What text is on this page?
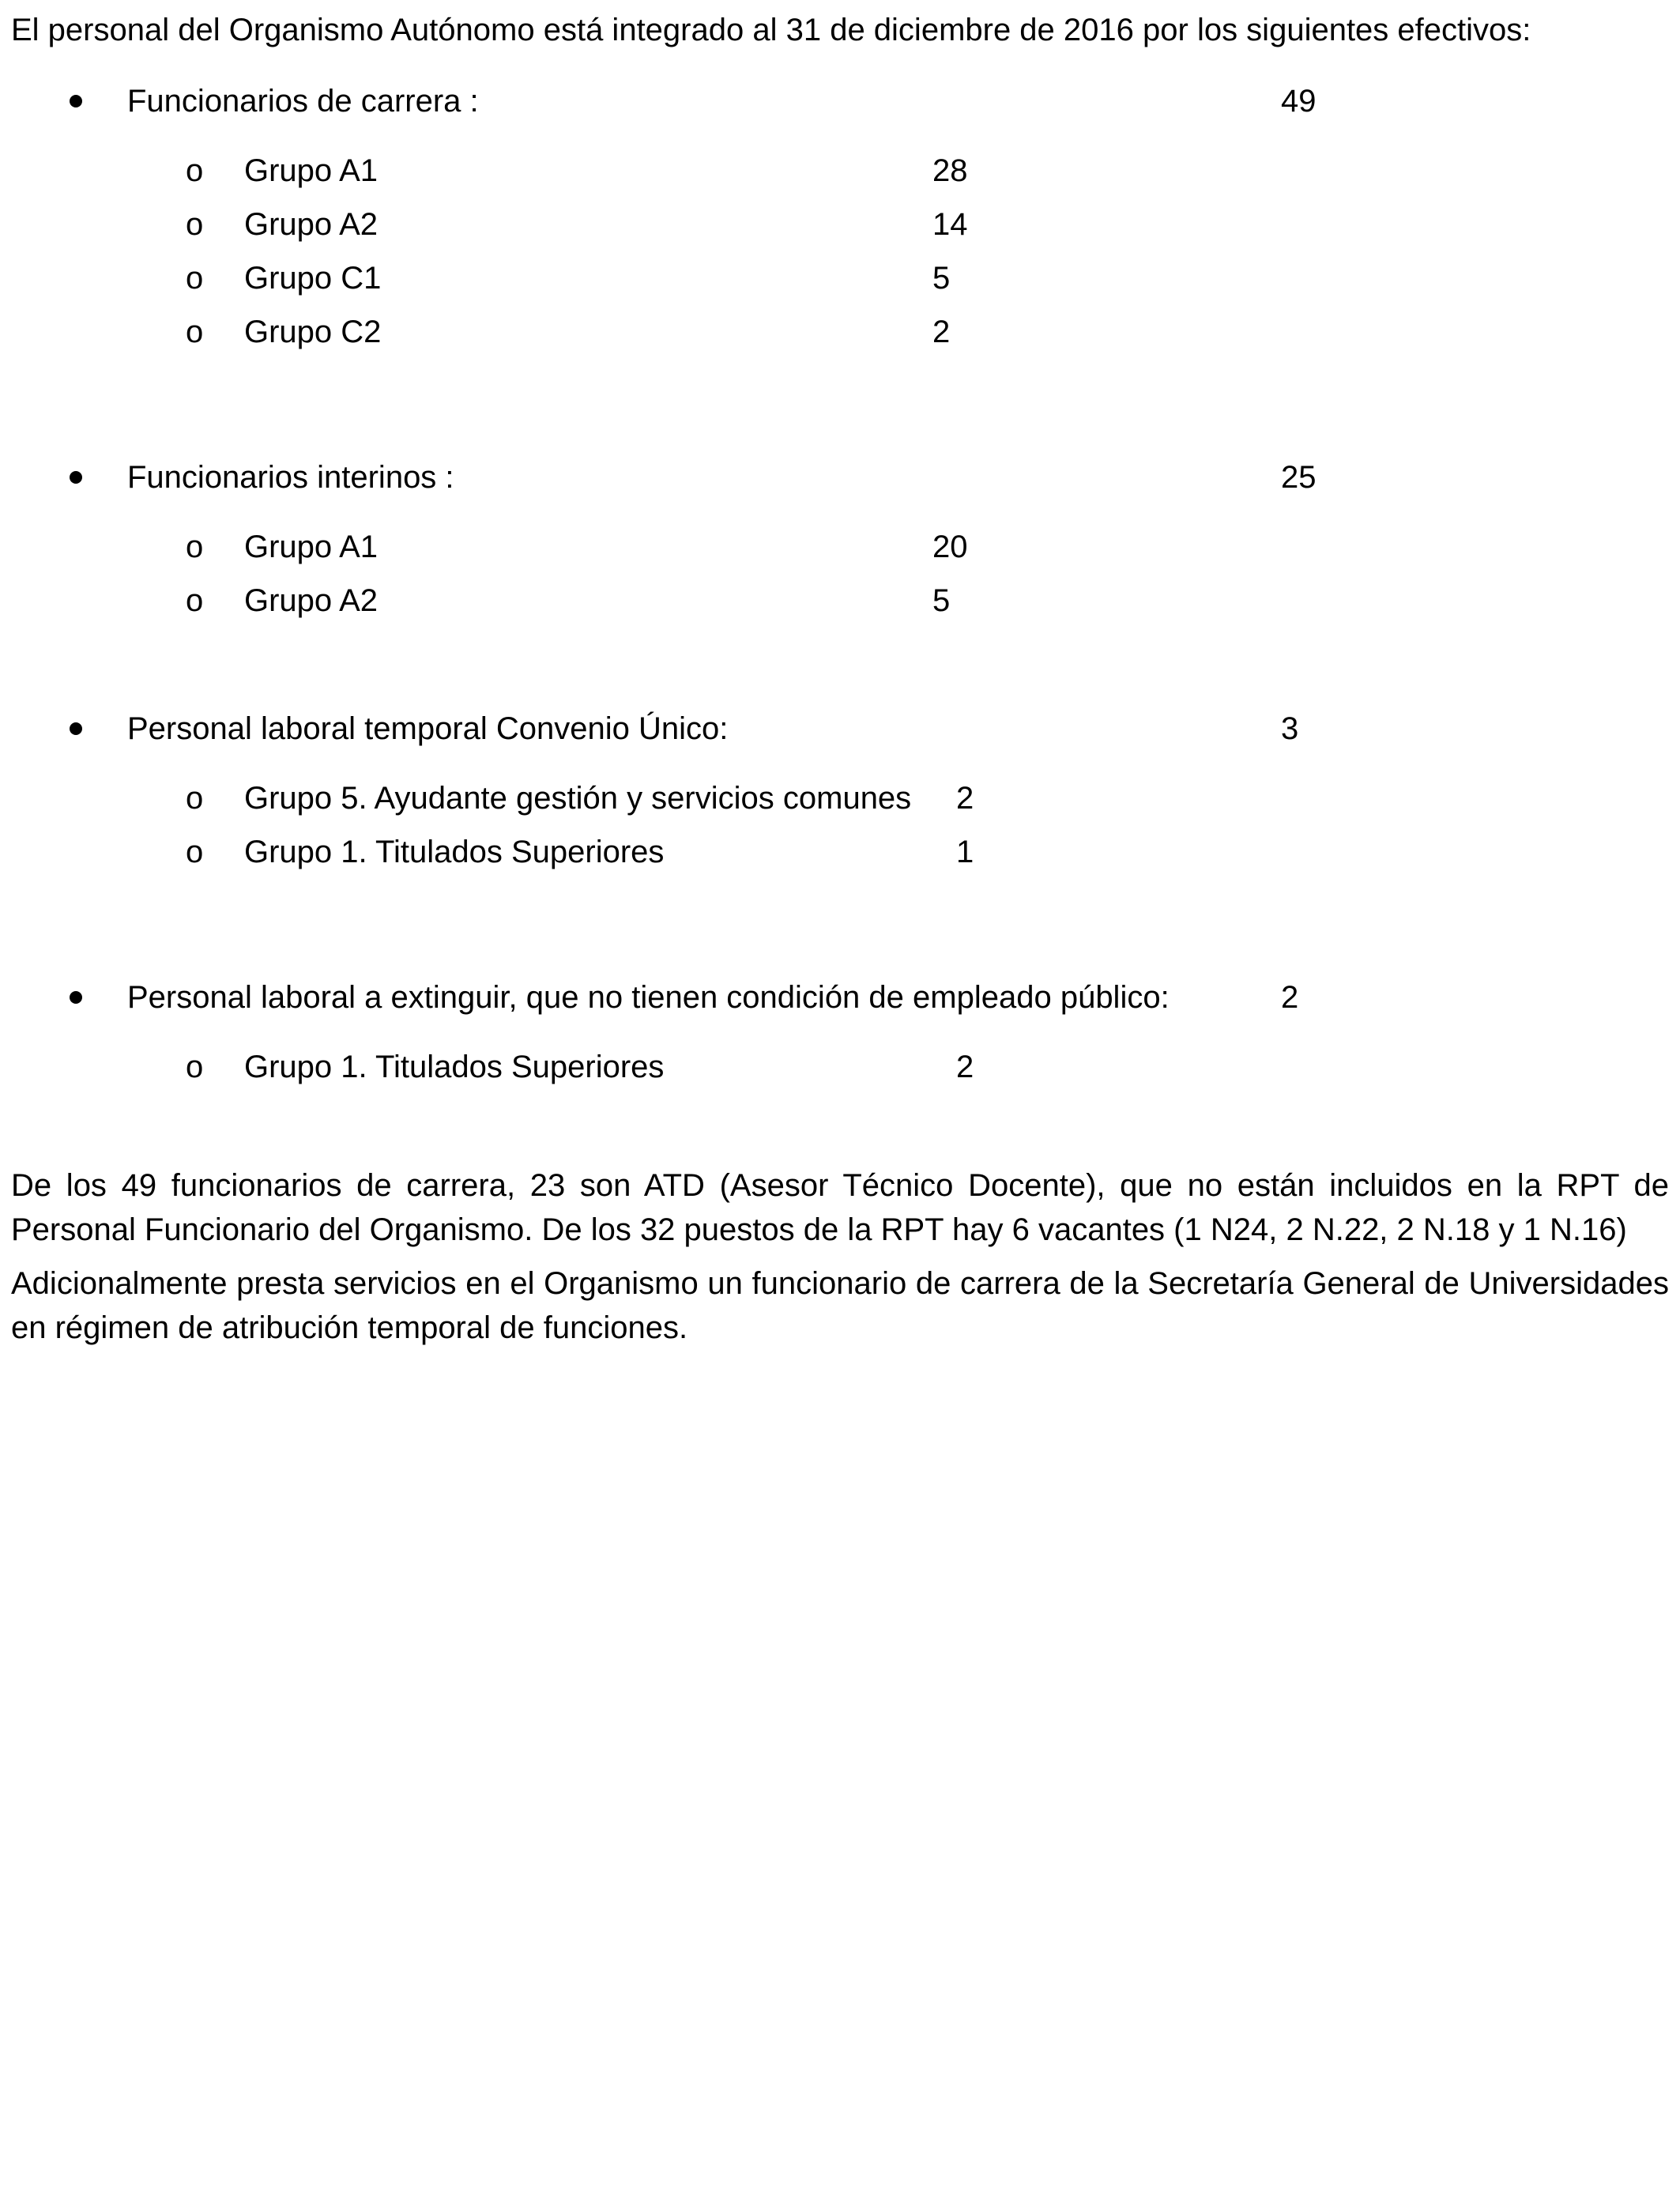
El personal del Organismo Autónomo está integrado al 31 de diciembre de 2016 por los siguientes efectivos:
Funcionarios de carrera :	49
o Grupo A1	28
o Grupo A2	14
o Grupo C1	5
o Grupo C2	2
Funcionarios interinos :	25
o Grupo A1	20
o Grupo A2	5
Personal laboral temporal Convenio Único:	3
o Grupo 5. Ayudante gestión y servicios comunes 2
o Grupo 1. Titulados Superiores	1
Personal laboral a extinguir, que no tienen condición de empleado público:	2
o Grupo 1. Titulados Superiores	2
De los 49 funcionarios de carrera, 23 son ATD (Asesor Técnico Docente), que no están incluidos en la RPT de Personal Funcionario del Organismo. De los 32 puestos de la RPT hay 6 vacantes (1 N24, 2 N.22, 2 N.18 y 1 N.16)
Adicionalmente presta servicios en el Organismo un funcionario de carrera de la Secretaría General de Universidades en régimen de atribución temporal de funciones.
